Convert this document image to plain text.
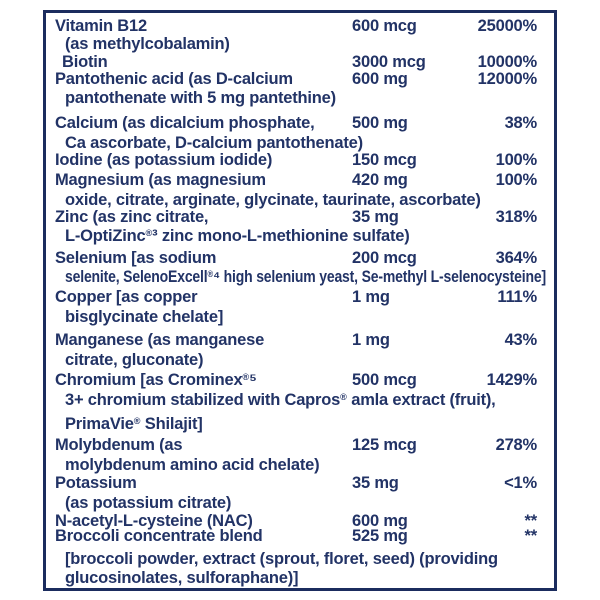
Vitamin B12	600 mcg	25000%
(as methylcobalamin)
Biotin	3000 mcg	10000%
Pantothenic acid (as D-calcium	600 mg	12000%
pantothenate with 5 mg pantethine)
Calcium (as dicalcium phosphate, 500 mg	38%
Ca ascorbate, D-calcium pantothenate)
Iodine (as potassium iodide)	150 mcg	100%
Magnesium (as magnesium	420 mg	100%
oxide, citrate, arginate, glycinate, taurinate, ascorbate)
Zinc (as zinc citrate,	35 mg	318%
L-OptiZinc®³ zinc mono-L-methionine sulfate)
Selenium [as sodium	200 mcg	364%
selenite, SelenoExcell®⁴ high selenium yeast, Se-methyl L-selenocysteine]
Copper [as copper	1 mg	111%
bisglycinate chelate]
Manganese (as manganese	1 mg	43%
citrate, gluconate)
Chromium [as Crominex®⁵	500 mcg	1429%
3+ chromium stabilized with Capros® amla extract (fruit),
PrimaVie® Shilajit]
Molybdenum (as	125 mcg	278%
molybdenum amino acid chelate)
Potassium	35 mg	<1%
(as potassium citrate)
N-acetyl-L-cysteine (NAC)	600 mg	**
Broccoli concentrate blend	525 mg	**
[broccoli powder, extract (sprout, floret, seed) (providing
glucosinolates, sulforaphane)]
